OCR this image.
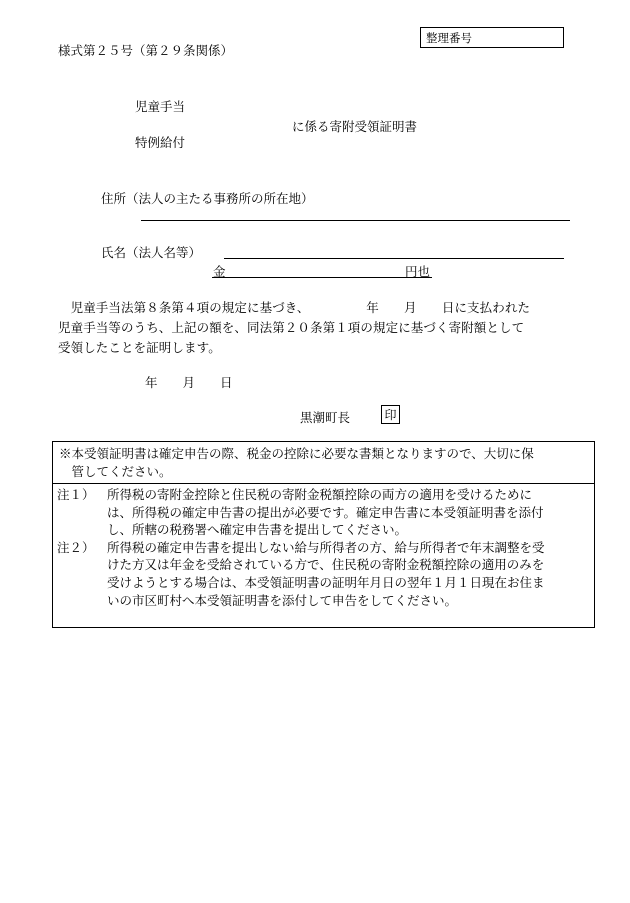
様式第２５号（第２９条関係）
整理番号
児童手当
に係る寄附受領証明書
特例給付
住所（法人の主たる事務所の所在地）
氏名（法人名等）
金	円也

　児童手当法第８条第４項の規定に基づき、　　　　　年　　月　　日に支払われた

児童手当等のうち、上記の額を、同法第２０条第１項の規定に基づく寄附額として

受領したことを証明します。

年　　月　　日
黒潮町長	印
※本受領証明書は確定申告の際、税金の控除に必要な書類となりますので、大切に保
　管してください。
注１） 所得税の寄附金控除と住民税の寄附金税額控除の両方の適用を受けるために
は、所得税の確定申告書の提出が必要です。確定申告書に本受領証明書を添付
し、所轄の税務署へ確定申告書を提出してください。
注２） 所得税の確定申告書を提出しない給与所得者の方、給与所得者で年末調整を受
けた方又は年金を受給されている方で、住民税の寄附金税額控除の適用のみを
受けようとする場合は、本受領証明書の証明年月日の翌年１月１日現在お住ま
いの市区町村へ本受領証明書を添付して申告をしてください。
